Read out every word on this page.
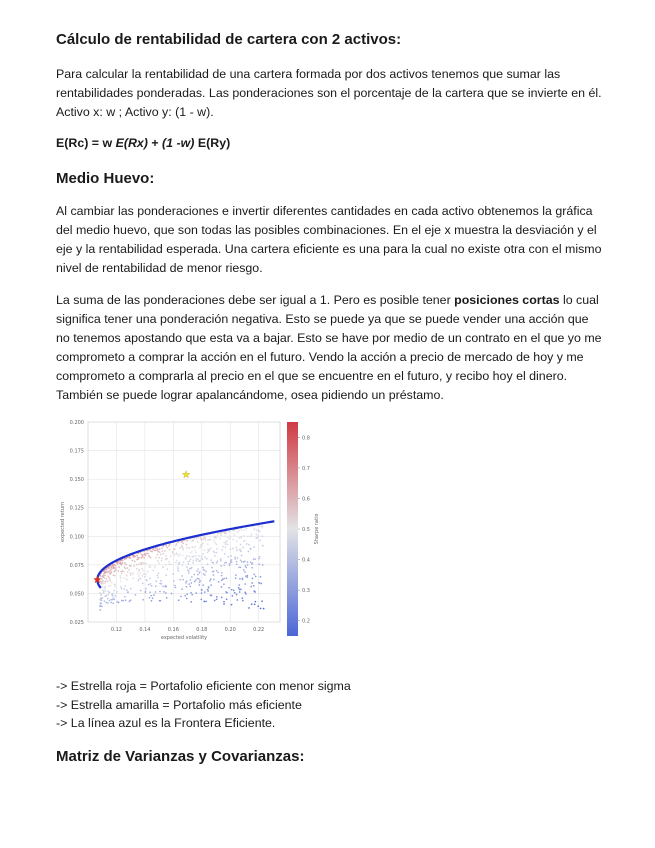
Cálculo de rentabilidad de cartera con 2 activos:

Para calcular la rentabilidad de una cartera formada por dos activos tenemos que sumar las rentabilidades ponderadas. Las ponderaciones son el porcentaje de la cartera que se invierte en él. Activo x: w ; Activo y: (1 - w).

E(Rc) = w E(Rx) + (1 -w) E(Ry)
Medio Huevo:

Al cambiar las ponderaciones e invertir diferentes cantidades en cada activo obtenemos la gráfica del medio huevo, que son todas las posibles combinaciones. En el eje x muestra la desviación y el eje y la rentabilidad esperada. Una cartera eficiente es una para la cual no existe otra con el mismo nivel de rentabilidad de menor riesgo.

La suma de las ponderaciones debe ser igual a 1. Pero es posible tener posiciones cortas lo cual significa tener una ponderación negativa. Esto se puede ya que se puede vender una acción que no tenemos apostando que esta va a bajar. Esto se have por medio de un contrato en el que yo me comprometo a comprar la acción en el futuro. Vendo la acción a precio de mercado de hoy y me comprometo a comprarla al precio en el que se encuentre en el futuro, y recibo hoy el dinero. También se puede lograr apalancándome, osea pidiendo un préstamo.

-> Estrella roja = Portafolio eficiente con menor sigma
-> Estrella amarilla = Portafolio más eficiente
-> La línea azul es la Frontera Eficiente.
Matriz de Varianzas y Covarianzas:
0.12	0.14	0.16	0.18	0.20	0.22
0.025
0.050
0.075
0.100
0.125
0.150
0.175
0.200
expected volatility
expected return
0.2
0.3
0.4
0.5
0.6
0.7
0.8
Sharpe ratio
